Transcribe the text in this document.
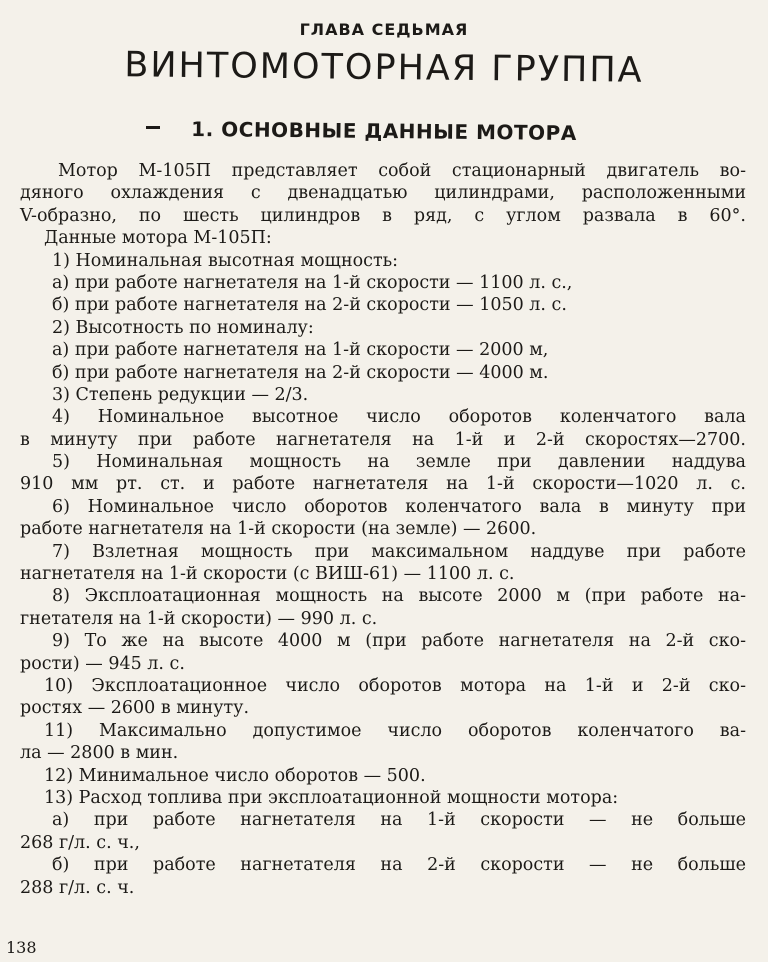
ГЛАВА СЕДЬМАЯ
ВИНТОМОТОРНАЯ ГРУППА
1. ОСНОВНЫЕ ДАННЫЕ МОТОРА
Мотор М-105П представляет собой стационарный двигатель во-
дяного охлаждения с двенадцатью цилиндрами, расположенными
V-образно, по шесть цилиндров в ряд, с углом развала в 60°.
Данные мотора М-105П:
1) Номинальная высотная мощность:
а) при работе нагнетателя на 1-й скорости — 1100 л. с.,
б) при работе нагнетателя на 2-й скорости — 1050 л. с.
2) Высотность по номиналу:
а) при работе нагнетателя на 1-й скорости — 2000 м,
б) при работе нагнетателя на 2-й скорости — 4000 м.
3) Степень редукции — 2/3.
4) Номинальное высотное число оборотов коленчатого вала
в минуту при работе нагнетателя на 1-й и 2-й скоростях—2700.
5) Номинальная мощность на земле при давлении наддува
910 мм рт. ст. и работе нагнетателя на 1-й скорости—1020 л. с.
6) Номинальное число оборотов коленчатого вала в минуту при
работе нагнетателя на 1-й скорости (на земле) — 2600.
7) Взлетная мощность при максимальном наддуве при работе
нагнетателя на 1-й скорости (с ВИШ-61) — 1100 л. с.
8) Эксплоатационная мощность на высоте 2000 м (при работе на-
гнетателя на 1-й скорости) — 990 л. с.
9) То же на высоте 4000 м (при работе нагнетателя на 2-й ско-
рости) — 945 л. с.
10) Эксплоатационное число оборотов мотора на 1-й и 2-й ско-
ростях — 2600 в минуту.
11) Максимально допустимое число оборотов коленчатого ва-
ла — 2800 в мин.
12) Минимальное число оборотов — 500.
13) Расход топлива при эксплоатационной мощности мотора:
а) при работе нагнетателя на 1-й скорости — не больше
268 г/л. с. ч.,
б) при работе нагнетателя на 2-й скорости — не больше
288 г/л. с. ч.
138
